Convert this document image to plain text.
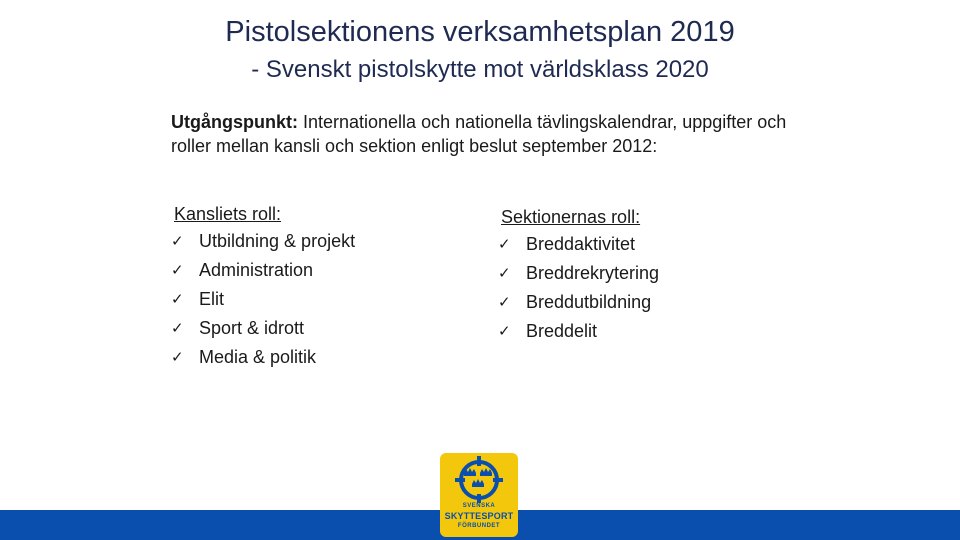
Pistolsektionens verksamhetsplan 2019
- Svenskt pistolskytte mot världsklass 2020
Utgångspunkt: Internationella och nationella tävlingskalendrar, uppgifter och roller mellan kansli och sektion enligt beslut september 2012:
Kansliets roll:
✓ Utbildning & projekt
✓ Administration
✓ Elit
✓ Sport & idrott
✓ Media & politik
Sektionernas roll:
✓ Breddaktivitet
✓ Breddrekrytering
✓ Breddutbildning
✓ Breddelit
SVENSKA
SKYTTESPORT
FÖRBUNDET
